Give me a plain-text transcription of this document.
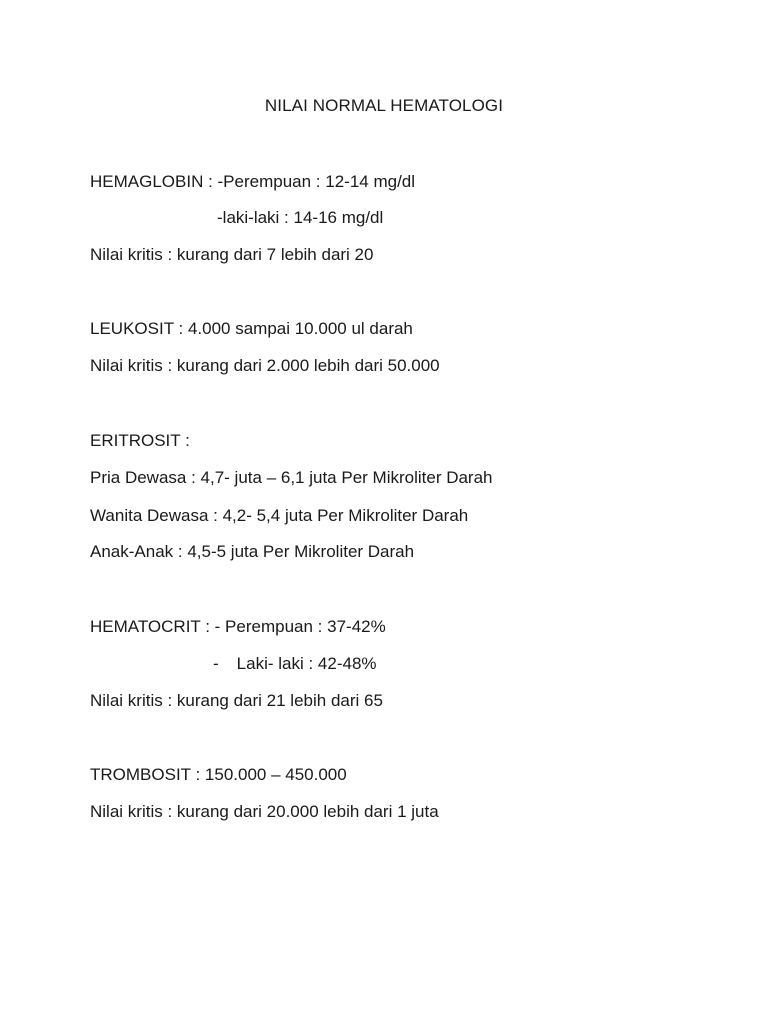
NILAI NORMAL HEMATOLOGI
HEMAGLOBIN : -Perempuan : 12-14 mg/dl
-laki-laki : 14-16 mg/dl
Nilai kritis : kurang dari 7 lebih dari 20
LEUKOSIT : 4.000 sampai 10.000 ul darah
Nilai kritis : kurang dari 2.000 lebih dari 50.000
ERITROSIT :
Pria Dewasa : 4,7- juta – 6,1 juta Per Mikroliter Darah
Wanita Dewasa : 4,2- 5,4 juta Per Mikroliter Darah
Anak-Anak : 4,5-5 juta Per Mikroliter Darah
HEMATOCRIT : - Perempuan : 37-42%
- Laki- laki : 42-48%
Nilai kritis : kurang dari 21 lebih dari 65
TROMBOSIT : 150.000 – 450.000
Nilai kritis : kurang dari 20.000 lebih dari 1 juta
